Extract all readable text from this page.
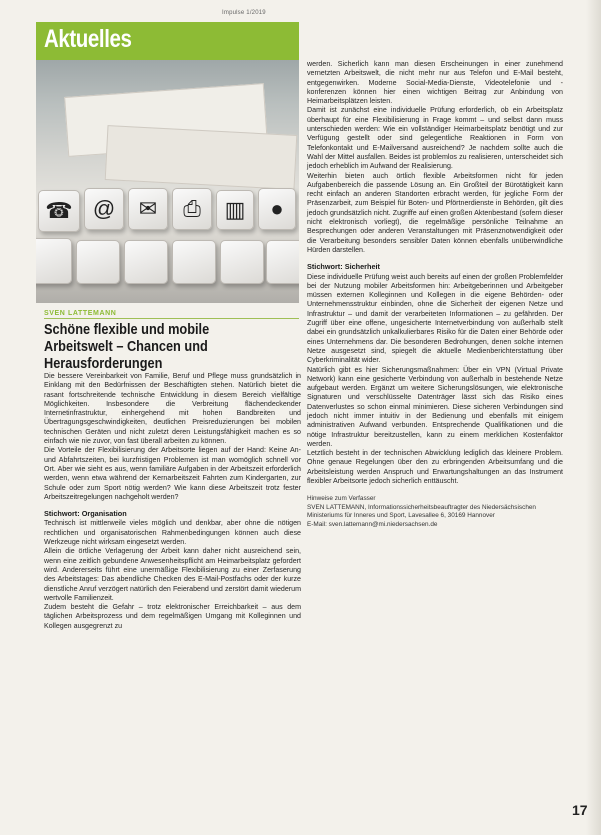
Impulse 1/2019
Aktuelles
☎ @	✉	⎙	▥	●
SVEN LATTEMANN
Schöne flexible und mobile Arbeitswelt – Chancen und Herausforderungen

Die bessere Vereinbarkeit von Familie, Beruf und Pflege muss grundsätzlich in Einklang mit den Bedürfnissen der Beschäftigten stehen. Natürlich bietet die rasant fortschreitende technische Entwicklung in diesem Bereich vielfältige Möglichkeiten. Insbesondere die Verbreitung flächendeckender Internetinfrastruktur, einhergehend mit hohen Bandbreiten und Übertragungsgeschwindigkeiten, deutlichen Preisreduzierungen bei mobilen technischen Geräten und nicht zuletzt deren Leistungsfähigkeit machen es so einfach wie nie zuvor, von fast überall arbeiten zu können.

Die Vorteile der Flexibilisierung der Arbeitsorte liegen auf der Hand: Keine An- und Abfahrtszeiten, bei kurzfristigen Problemen ist man womöglich schnell vor Ort. Aber wie sieht es aus, wenn familiäre Aufgaben in der Arbeitszeit erforderlich werden, wenn etwa während der Kernarbeitszeit Fahrten zum Kindergarten, zur Schule oder zum Sport nötig werden? Wie kann diese Arbeitszeit trotz fester Arbeitszeitregelungen nachgeholt werden?

Stichwort: Organisation

Technisch ist mittlerweile vieles möglich und denkbar, aber ohne die nötigen rechtlichen und organisatorischen Rahmenbedingungen können auch diese Werkzeuge nicht wirksam eingesetzt werden.

Allein die örtliche Verlagerung der Arbeit kann daher nicht ausreichend sein, wenn eine zeitlich gebundene Anwesenheitspflicht am Heimarbeitsplatz gefordert wird. Andererseits führt eine unermäßige Flexibilisierung zu einer Zerfaserung des Arbeitstages: Das abendliche Checken des E-Mail-Postfachs oder der kurze dienstliche Anruf verzögert natürlich den Feierabend und zerstört damit wiederum wertvolle Familienzeit.

Zudem besteht die Gefahr – trotz elektronischer Erreichbarkeit – aus dem täglichen Arbeitsprozess und dem regelmäßigen Umgang mit Kolleginnen und Kollegen ausgegrenzt zu

werden. Sicherlich kann man diesen Erscheinungen in einer zunehmend vernetzten Arbeitswelt, die nicht mehr nur aus Telefon und E-Mail besteht, entgegenwirken. Moderne Social-Media-Dienste, Videotelefonie und -konferenzen können hier einen wichtigen Beitrag zur Anbindung von Heimarbeitsplätzen leisten.

Damit ist zunächst eine individuelle Prüfung erforderlich, ob ein Arbeitsplatz überhaupt für eine Flexibilisierung in Frage kommt – und selbst dann muss unterschieden werden: Wie ein vollständiger Heimarbeitsplatz benötigt und zur Verfügung gestellt oder sind gelegentliche Reaktionen in Form von Telefonkontakt und E-Mailversand ausreichend? Je nachdem sollte auch die Wahl der Mittel ausfallen. Beides ist problemlos zu realisieren, unterscheidet sich jedoch erheblich im Aufwand der Realisierung.

Weiterhin bieten auch örtlich flexible Arbeitsformen nicht für jeden Aufgabenbereich die passende Lösung an. Ein Großteil der Bürotätigkeit kann recht einfach an anderen Standorten erbracht werden, für jegliche Form der Präsenzarbeit, zum Beispiel für Boten- und Pförtnerdienste in Behörden, gilt dies jedoch grundsätzlich nicht. Zugriffe auf einen großen Aktenbestand (sofern dieser nicht elektronisch vorliegt), die regelmäßige persönliche Teilnahme an Besprechungen oder anderen Veranstaltungen mit Präsenznotwendigkeit oder die Verarbeitung besonders sensibler Daten können ebenfalls unüberwindliche Hürden darstellen.

Stichwort: Sicherheit

Diese individuelle Prüfung weist auch bereits auf einen der großen Problemfelder bei der Nutzung mobiler Arbeitsformen hin: Arbeitgeberinnen und Arbeitgeber müssen externen Kolleginnen und Kollegen in die eigene Behörden- oder Unternehmensstruktur einbinden, ohne die Sicherheit der eigenen Netze und Infrastruktur – und damit der verarbeiteten Informationen – zu gefährden. Der Zugriff über eine offene, ungesicherte Internetverbindung von außerhalb stellt dabei ein grundsätzlich unkalkulierbares Risiko für die Daten einer Behörde oder eines Unternehmens dar. Die besonderen Bedrohungen, denen solche internen Netze ausgesetzt sind, spiegelt die aktuelle Medienberichterstattung über Cyberkriminalität wider.

Natürlich gibt es hier Sicherungsmaßnahmen: Über ein VPN (Virtual Private Network) kann eine gesicherte Verbindung von außerhalb in bestehende Netze aufgebaut werden. Ergänzt um weitere Sicherungslösungen, wie elektronische Signaturen und verschlüsselte Datenträger lässt sich das Risiko eines Datenverlustes so schon einmal minimieren. Diese sicheren Verbindungen sind jedoch nicht immer intuitiv in der Bedienung und ebenfalls mit einigem administrativen Aufwand verbunden. Entsprechende Qualifikationen und die nötige Infrastruktur bereitzustellen, kann zu einem merklichen Kostenfaktor werden.

Letztlich besteht in der technischen Abwicklung lediglich das kleinere Problem. Ohne genaue Regelungen über den zu erbringenden Arbeitsumfang und die Arbeitsleistung werden Anspruch und Erwartungshaltungen an das Instrument flexibler Arbeitsorte jedoch sicherlich enttäuscht.

Hinweise zum Verfasser
SVEN LATTEMANN, Informationssicherheitsbeauftragter des Niedersächsischen
Ministeriums für Inneres und Sport, Lavesallee 6, 30169 Hannover
E-Mail: sven.lattemann@mi.niedersachsen.de
17
